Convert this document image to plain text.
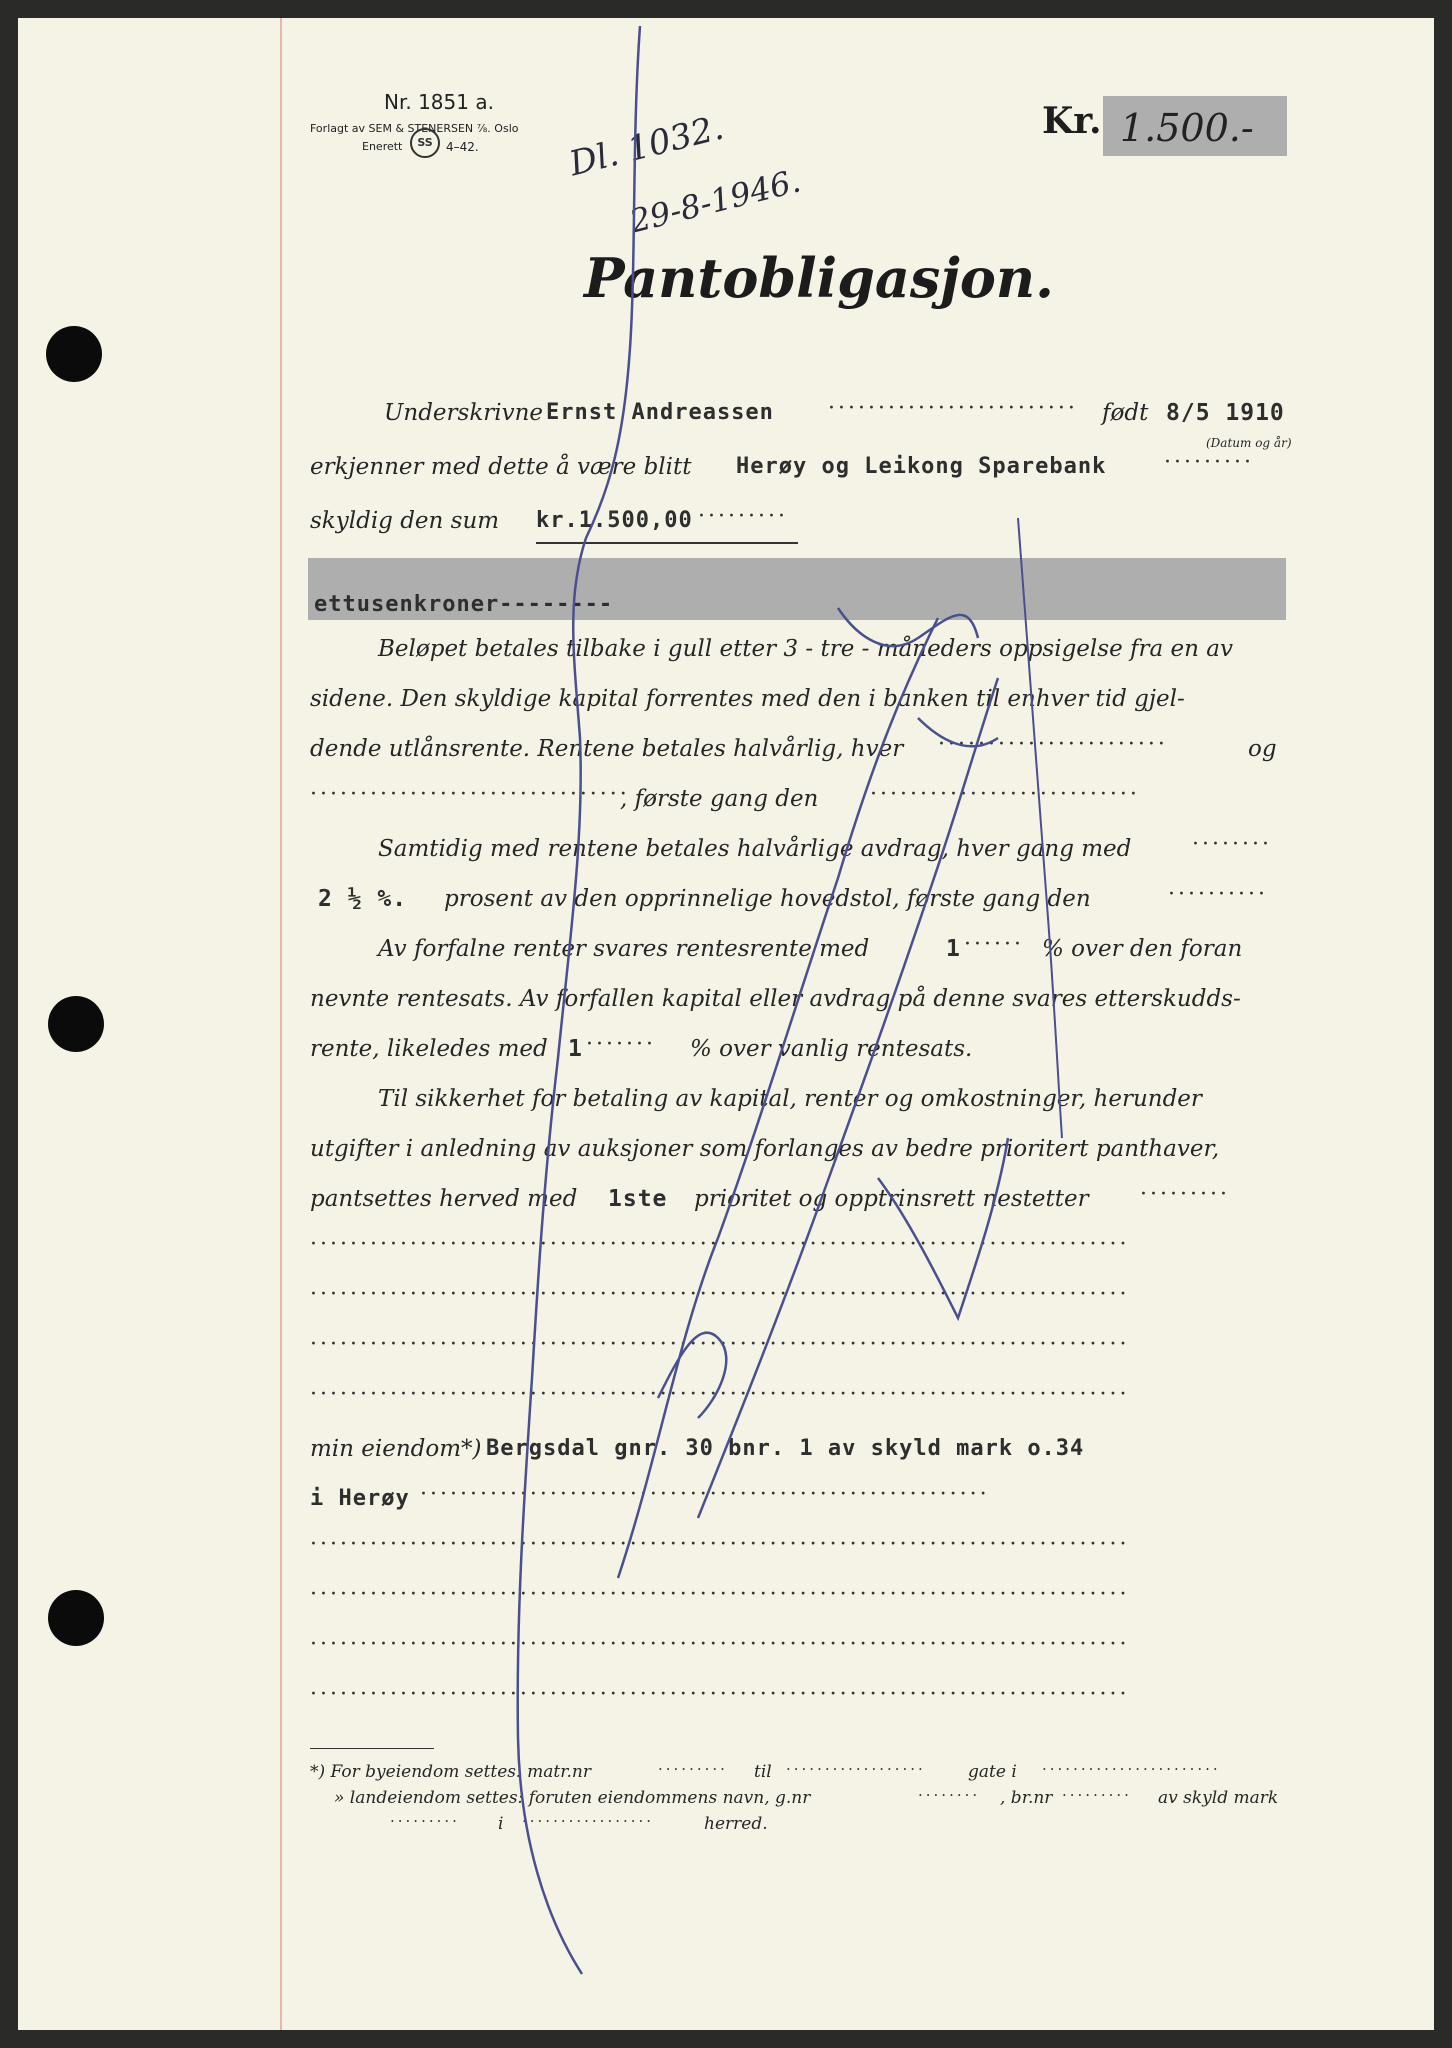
Nr. 1851 a.
Forlagt av SEM & STENERSEN ⅞. Oslo
Enerett	SS	4–42.
Kr. 1.500.-
Dl. 1032.
29-8-1946.
Pantobligasjon.
Underskrivne Ernst Andreassen ························· født 8/5 1910
(Datum og år)
erkjenner med dette å være blitt Herøy og Leikong Sparebank	·········
skyldig den sum kr.1.500,00 ·········
ettusenkroner--------
Beløpet betales tilbake i gull etter 3 - tre - måneders oppsigelse fra en av
sidene. Den skyldige kapital forrentes med den i banken til enhver tid gjel-
dende utlånsrente. Rentene betales halvårlig, hver ·······················	og
································
, første gang den ···························
Samtidig med rentene betales halvårlige avdrag, hver gang med	········
2 ½ %. prosent av den opprinnelige hovedstol, første gang den	··········
Av forfalne renter svares rentesrente med	1 ······ % over den foran
nevnte rentesats. Av forfallen kapital eller avdrag på denne svares etterskudds-
rente, likeledes med 1 ······· % over vanlig rentesats.
Til sikkerhet for betaling av kapital, renter og omkostninger, herunder
utgifter i anledning av auksjoner som forlanges av bedre prioritert panthaver,
pantsettes herved med 1ste prioritet og opptrinsrett nestetter ·········
··················································································
··················································································
··················································································
··················································································
min eiendom*) Bergsdal gnr. 30 bnr. 1 av skyld mark o.34
i Herøy ·························································
··················································································
··················································································
··················································································
··················································································
*) For byeiendom settes: matr.nr	········· til ·················· gate i ·······················
» landeiendom settes: foruten eiendommens navn, g.nr	········ , br.nr ········· av skyld mark
········· i ·················	herred.
